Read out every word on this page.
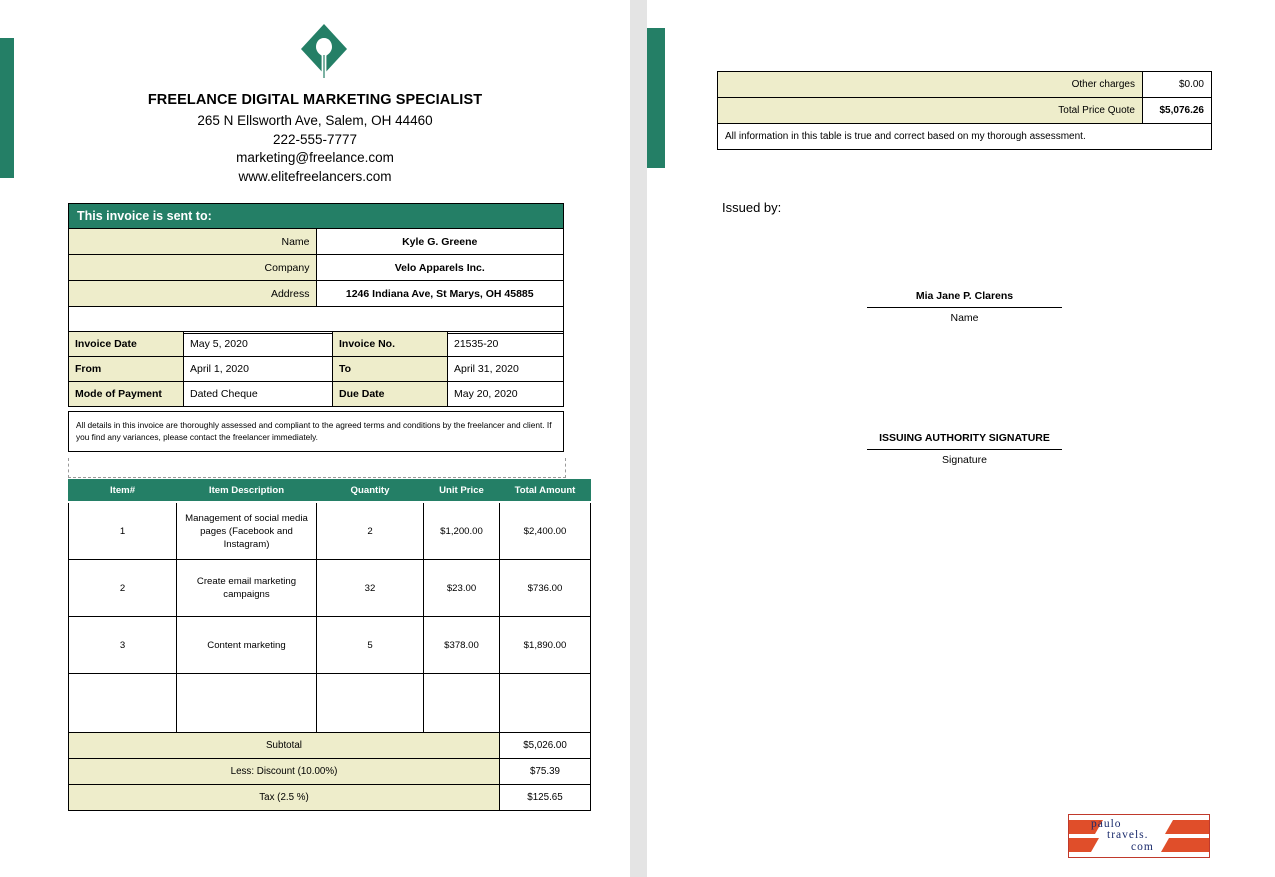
FREELANCE DIGITAL MARKETING SPECIALIST
265 N Ellsworth Ave, Salem, OH 44460
222-555-7777
marketing@freelance.com
www.elitefreelancers.com
This invoice is sent to:	
Name	Kyle G. Greene
Company	Velo Apparels Inc.
Address	1246 Indiana Ave, St Marys, OH 45885

Invoice Date	May 5, 2020	Invoice No.	21535-20
From	April 1, 2020	To	April 31, 2020
Mode of Payment	Dated Cheque	Due Date	May 20, 2020
All details in this invoice are thoroughly assessed and compliant to the agreed terms and conditions by the freelancer and client. If you find any variances, please contact the freelancer immediately.
Item#	Item Description	Quantity	Unit Price	Total Amount
1	Management of social media pages (Facebook and Instagram)	2	$1,200.00	$2,400.00
2	Create email marketing campaigns	32	$23.00	$736.00
3	Content marketing	5	$378.00	$1,890.00

Subtotal				$5,026.00
Less: Discount (10.00%)				$75.39
Tax (2.5 %)				$125.65
Other charges	$0.00
Total Price Quote	$5,076.26
All information in this table is true and correct based on my thorough assessment.	
Issued by:
Mia Jane P. Clarens
Name
ISSUING AUTHORITY SIGNATURE
Signature
paulo
travels.
com
